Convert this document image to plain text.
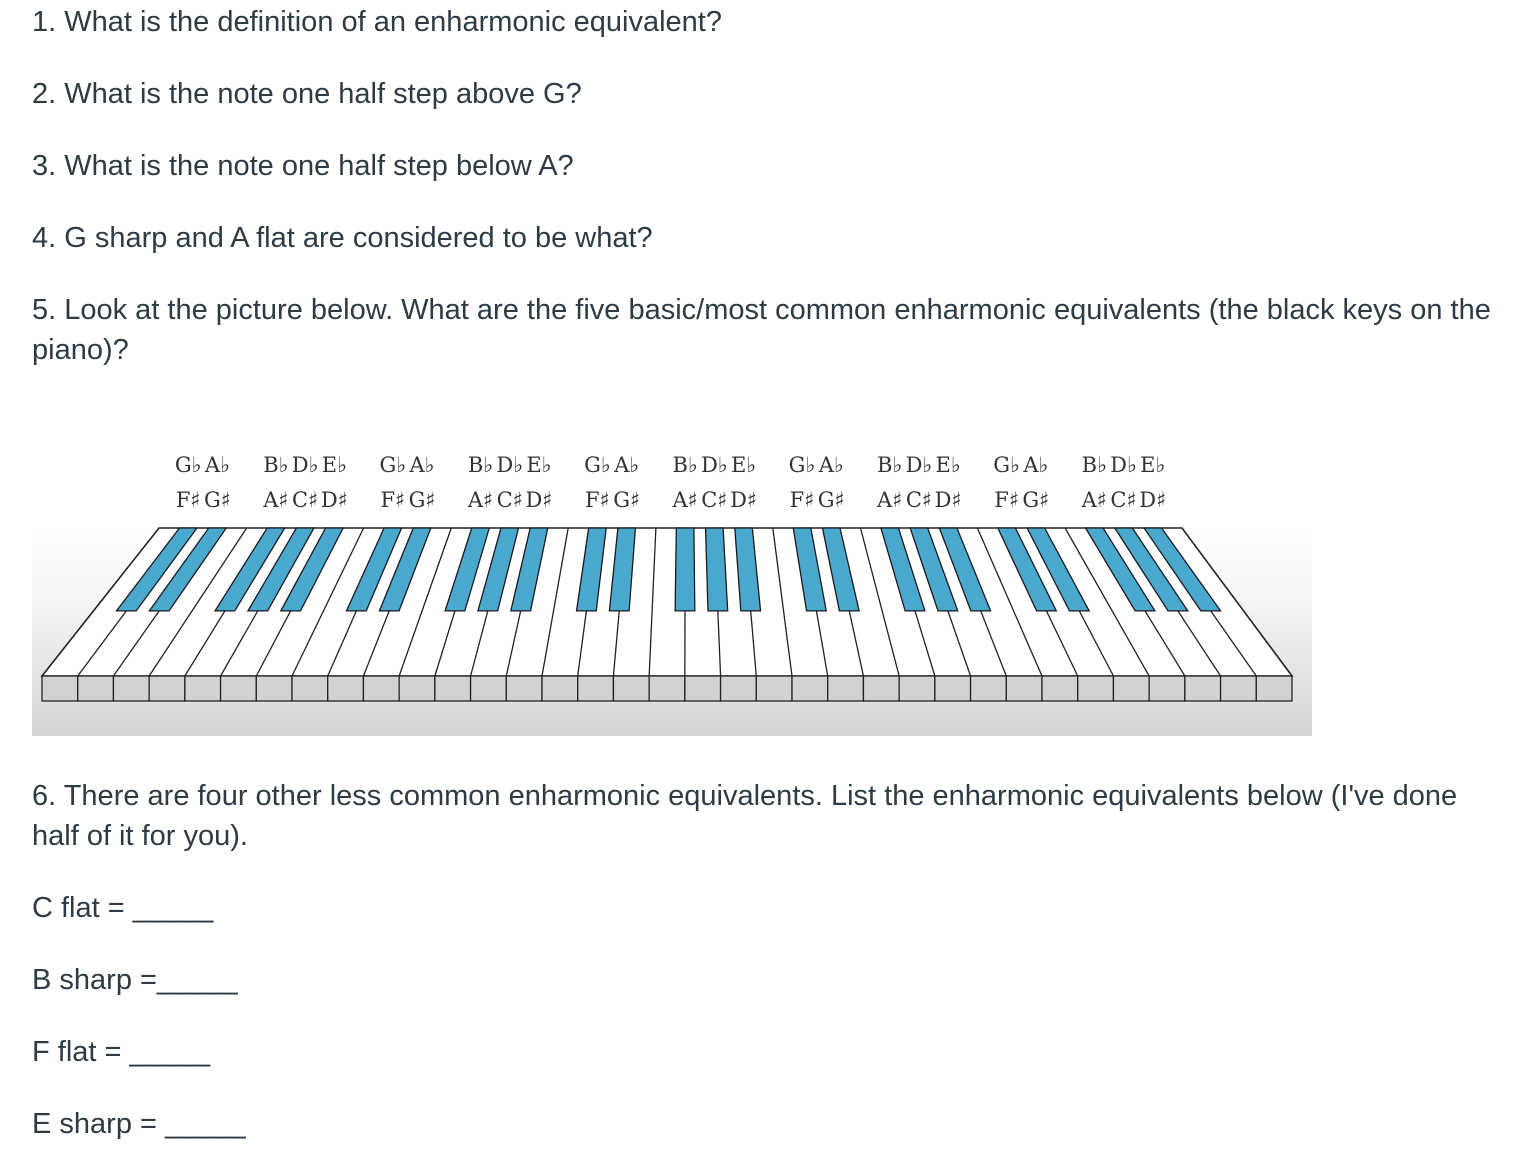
1. What is the definition of an enharmonic equivalent?

2. What is the note one half step above G?

3. What is the note one half step below A?

4. G sharp and A flat are considered to be what?

5. Look at the picture below. What are the five basic/most common enharmonic equivalents (the black keys on the piano)?

G♭
F♯
A♭
G♯
B♭
A♯
D♭
C♯
E♭
D♯
G♭
F♯
A♭
G♯
B♭
A♯
D♭
C♯
E♭
D♯
G♭
F♯
A♭
G♯
B♭
A♯
D♭
C♯
E♭
D♯
G♭
F♯
A♭
G♯
B♭
A♯
D♭
C♯
E♭
D♯
G♭
F♯
A♭
G♯
B♭
A♯
D♭
C♯
E♭
D♯

6. There are four other less common enharmonic equivalents. List the enharmonic equivalents below (I've done half of it for you).

C flat = _____

B sharp =_____

F flat = _____

E sharp = _____
